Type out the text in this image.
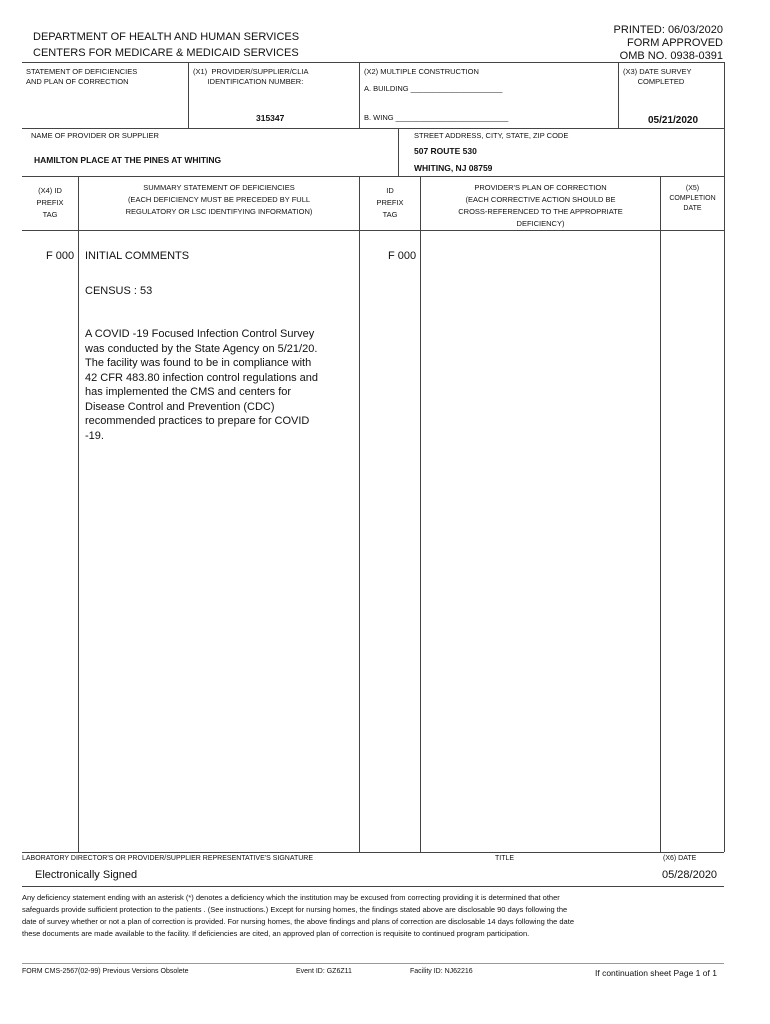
DEPARTMENT OF HEALTH AND HUMAN SERVICES
CENTERS FOR MEDICARE & MEDICAID SERVICES
PRINTED: 06/03/2020
FORM APPROVED
OMB NO. 0938-0391
STATEMENT OF DEFICIENCIES
AND PLAN OF CORRECTION
(X1)  PROVIDER/SUPPLIER/CLIA
IDENTIFICATION NUMBER:
315347
(X2) MULTIPLE CONSTRUCTION
A. BUILDING ______________________
B. WING ___________________________
(X3) DATE SURVEY
COMPLETED
05/21/2020
NAME OF PROVIDER OR SUPPLIER
HAMILTON PLACE AT THE PINES AT WHITING
STREET ADDRESS, CITY, STATE, ZIP CODE
507 ROUTE 530
WHITING, NJ 08759
(X4) ID
PREFIX
TAG
SUMMARY STATEMENT OF DEFICIENCIES
(EACH DEFICIENCY MUST BE PRECEDED BY FULL
REGULATORY OR LSC IDENTIFYING INFORMATION)
ID
PREFIX
TAG
PROVIDER'S PLAN OF CORRECTION
(EACH CORRECTIVE ACTION SHOULD BE
CROSS-REFERENCED TO THE APPROPRIATE
DEFICIENCY)
(X5)
COMPLETION
DATE
F 000 INITIAL COMMENTS
CENSUS : 53
A COVID -19 Focused Infection Control Survey
was conducted by the State Agency on 5/21/20.
The facility was found to be in compliance with
42 CFR 483.80 infection control regulations and
has implemented the CMS and centers for
Disease Control and Prevention (CDC)
recommended practices to prepare for COVID
-19.
F 000
LABORATORY DIRECTOR'S OR PROVIDER/SUPPLIER REPRESENTATIVE'S SIGNATURE
Electronically Signed
TITLE	(X6) DATE
05/28/2020
Any deficiency statement ending with an asterisk (*) denotes a deficiency which the institution may be excused from correcting providing it is determined that other
safeguards provide sufficient protection to the patients . (See instructions.) Except for nursing homes, the findings stated above are disclosable 90 days following the
date of survey whether or not a plan of correction is provided. For nursing homes, the above findings and plans of correction are disclosable 14 days following the date
these documents are made available to the facility. If deficiencies are cited, an approved plan of correction is requisite to continued program participation.
FORM CMS-2567(02-99) Previous Versions Obsolete	Event ID: GZ6Z11	Facility ID: NJ62216	If continuation sheet Page 1 of 1
